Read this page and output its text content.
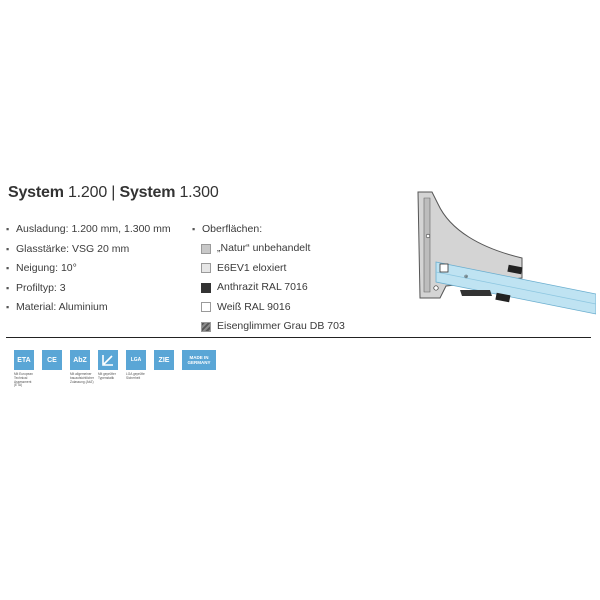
System 1.200 | System 1.300
▪ Ausladung: 1.200 mm, 1.300 mm
▪ Glasstärke: VSG 20 mm
▪ Neigung: 10°
▪ Profiltyp: 3
▪ Material: Aluminium
▪ Oberflächen:
„Natur“ unbehandelt
E6EV1 eloxiert
Anthrazit RAL 7016
Weiß RAL 9016
Eisenglimmer Grau DB 703
⊕
ETA
Mit European Technical Assessment (ETA)
CE	AbZ
Mit allgemeiner bauaufsichtlicher Zulassung (AbZ)
Mit geprüfter Typenstatik
LGA
LGA geprüfte Sicherheit
ZIE	MADE IN GERMANY
